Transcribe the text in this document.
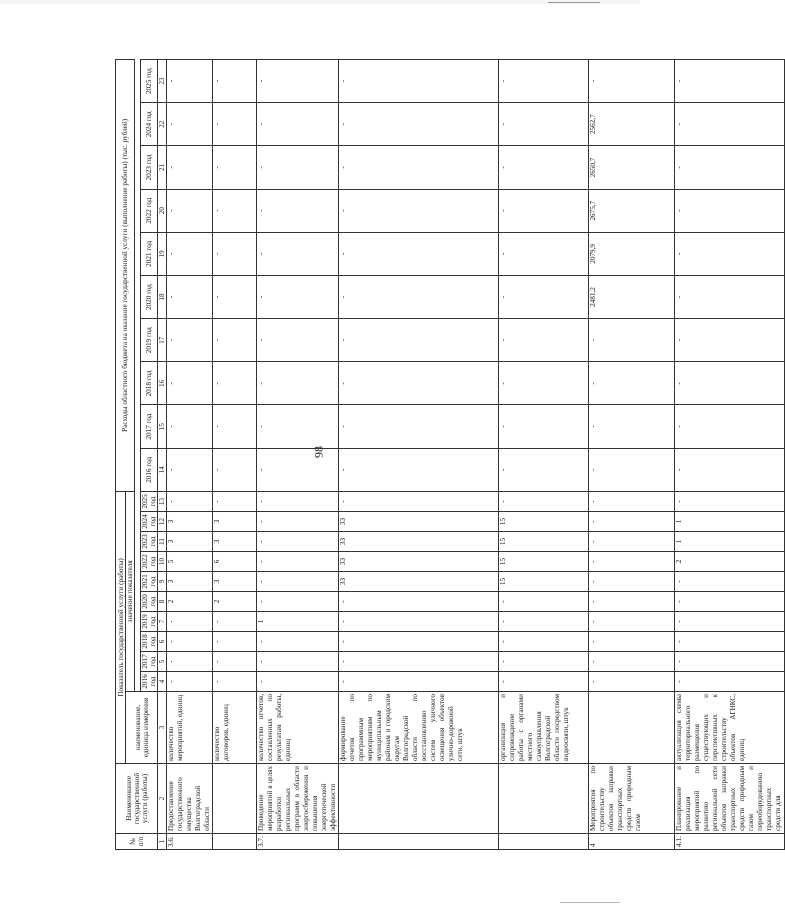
98
№ п/п	Наименование государственной услуги (работы)	Показатель государственной услуги (работы)											Расходы областного бюджета на оказание государственной услуги (выполнение работы) (тыс. рублей)									
		наименование, единица измерения	значение показателя																			

			2016 год	2017 год	2018 год	2019 год	2020 год	2021 год	2022 год	2023 год	2024 год	2025 год	2016 год	2017 год	2018 год	2019 год	2020 год	2021 год	2022 год	2023 год	2024 год	2025 год
1	2	3	4	5	6	7	8	9	10	11	12	13	14	15	16	17	18	19	20	21	22	23
3.6.	Предоставление государственного имущества Волгоградской области	количество мероприятий, единиц	-	-	-	-	2	3	5	3	3	-	-	-	-	-	-	-	-	-	-	-
		количество договоров, единиц	-	-	-	-	2	3	6	3	3	-	-	-	-	-	-	-	-	-	-	-
3.7.	Проведение мероприятий в целях разработки региональных программ в области энергосбережения и повышения энергетической эффективности	количество отчетов, составленных по результатам работы, единиц	-	-	-	1	-	-	-	-	-	-	-	-	-	-	-	-	-	-	-	-
		формирование отчетов по программным мероприятиям по муниципальным районам и городским округам Волгоградской области по восстановлению систем уличного освещения объектов улично-дорожной сети, штук	-	-	-	-	-	33	33	33	33	-	-	-	-	-	-	-	-	-	-	-
		организация и сопровождение работы с органами местного самоуправления Волгоградской области посредством видеосвязи, штук	-	-	-	-	-	15	15	15	15	-	-	-	-	-	-	-	-	-	-	-
4	Мероприятия по строительству объектов заправки транспортных средств природным газом		-	-	-	-	-	-	-	-	-	-	-	-	-	-	2481,2	2079,9	2675,7	2650,7	2562,7	-
4.1.	Планирование и реализация мероприятий по развитию региональной сети объектов заправки транспортных средств природным газом и переоборудованию транспортных средств для	актуализация схемы территориального размещения существующих и перспективных к строительству объектов АГНКС, единиц	-	-	-	-	-	-	2	1	1	-	-	-	-	-	-	-	-	-	-	-
